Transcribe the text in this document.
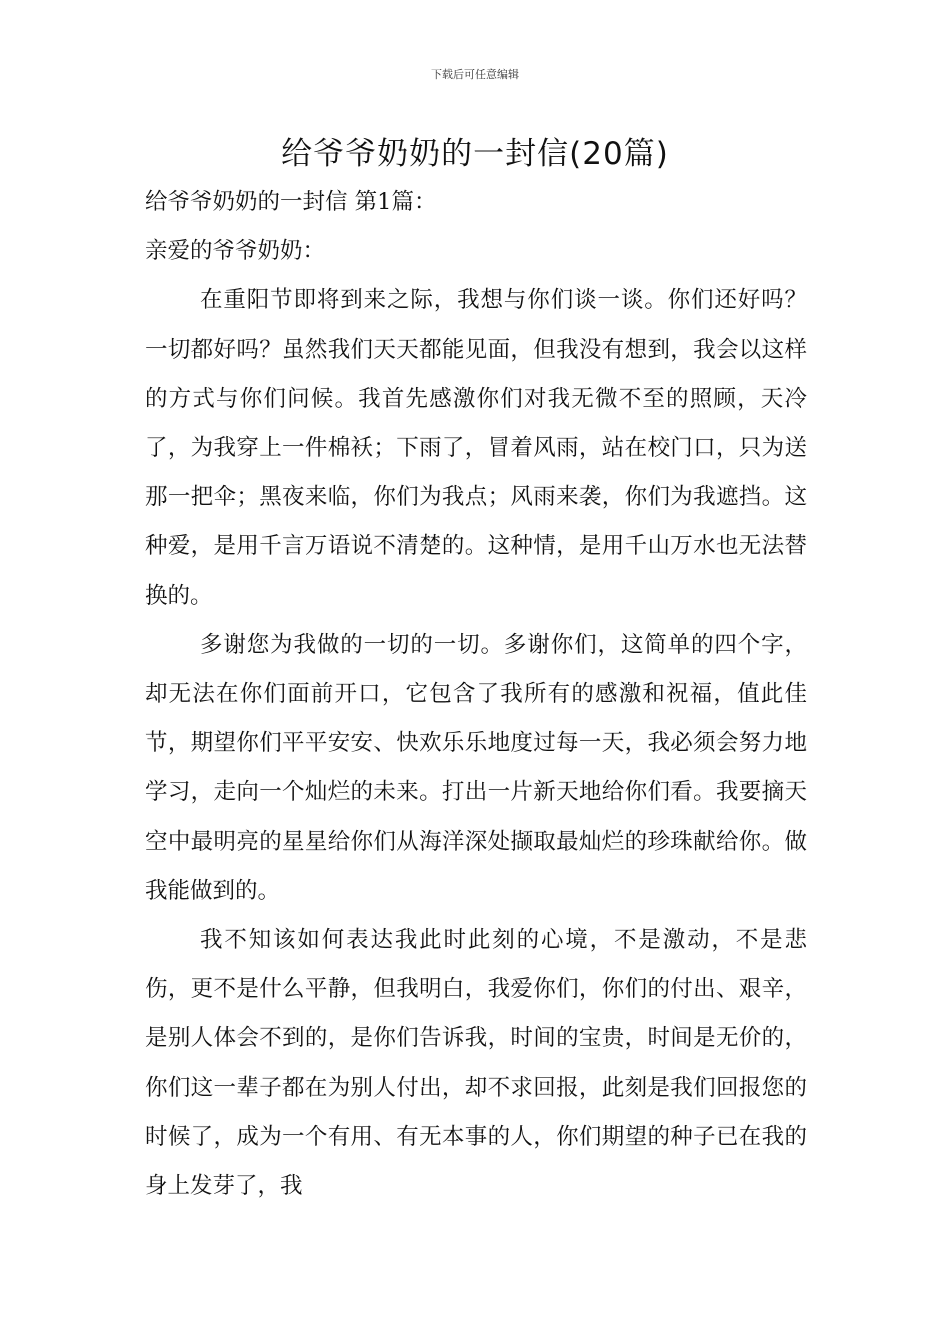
下载后可任意编辑
给爷爷奶奶的一封信(20篇)

给爷爷奶奶的一封信 第1篇：

亲爱的爷爷奶奶：

在重阳节即将到来之际，我想与你们谈一谈。你们还好吗？一切都好吗？虽然我们天天都能见面，但我没有想到，我会以这样的方式与你们问候。我首先感激你们对我无微不至的照顾，天冷了，为我穿上一件棉袄；下雨了，冒着风雨，站在校门口，只为送那一把伞；黑夜来临，你们为我点；风雨来袭，你们为我遮挡。这种爱，是用千言万语说不清楚的。这种情，是用千山万水也无法替换的。

多谢您为我做的一切的一切。多谢你们，这简单的四个字，却无法在你们面前开口，它包含了我所有的感激和祝福，值此佳节，期望你们平平安安、快欢乐乐地度过每一天，我必须会努力地学习，走向一个灿烂的未来。打出一片新天地给你们看。我要摘天空中最明亮的星星给你们从海洋深处撷取最灿烂的珍珠献给你。做我能做到的。

我不知该如何表达我此时此刻的心境，不是激动，不是悲伤，更不是什么平静，但我明白，我爱你们，你们的付出、艰辛，是别人体会不到的，是你们告诉我，时间的宝贵，时间是无价的，你们这一辈子都在为别人付出，却不求回报，此刻是我们回报您的时候了，成为一个有用、有无本事的人，你们期望的种子已在我的身上发芽了，我
